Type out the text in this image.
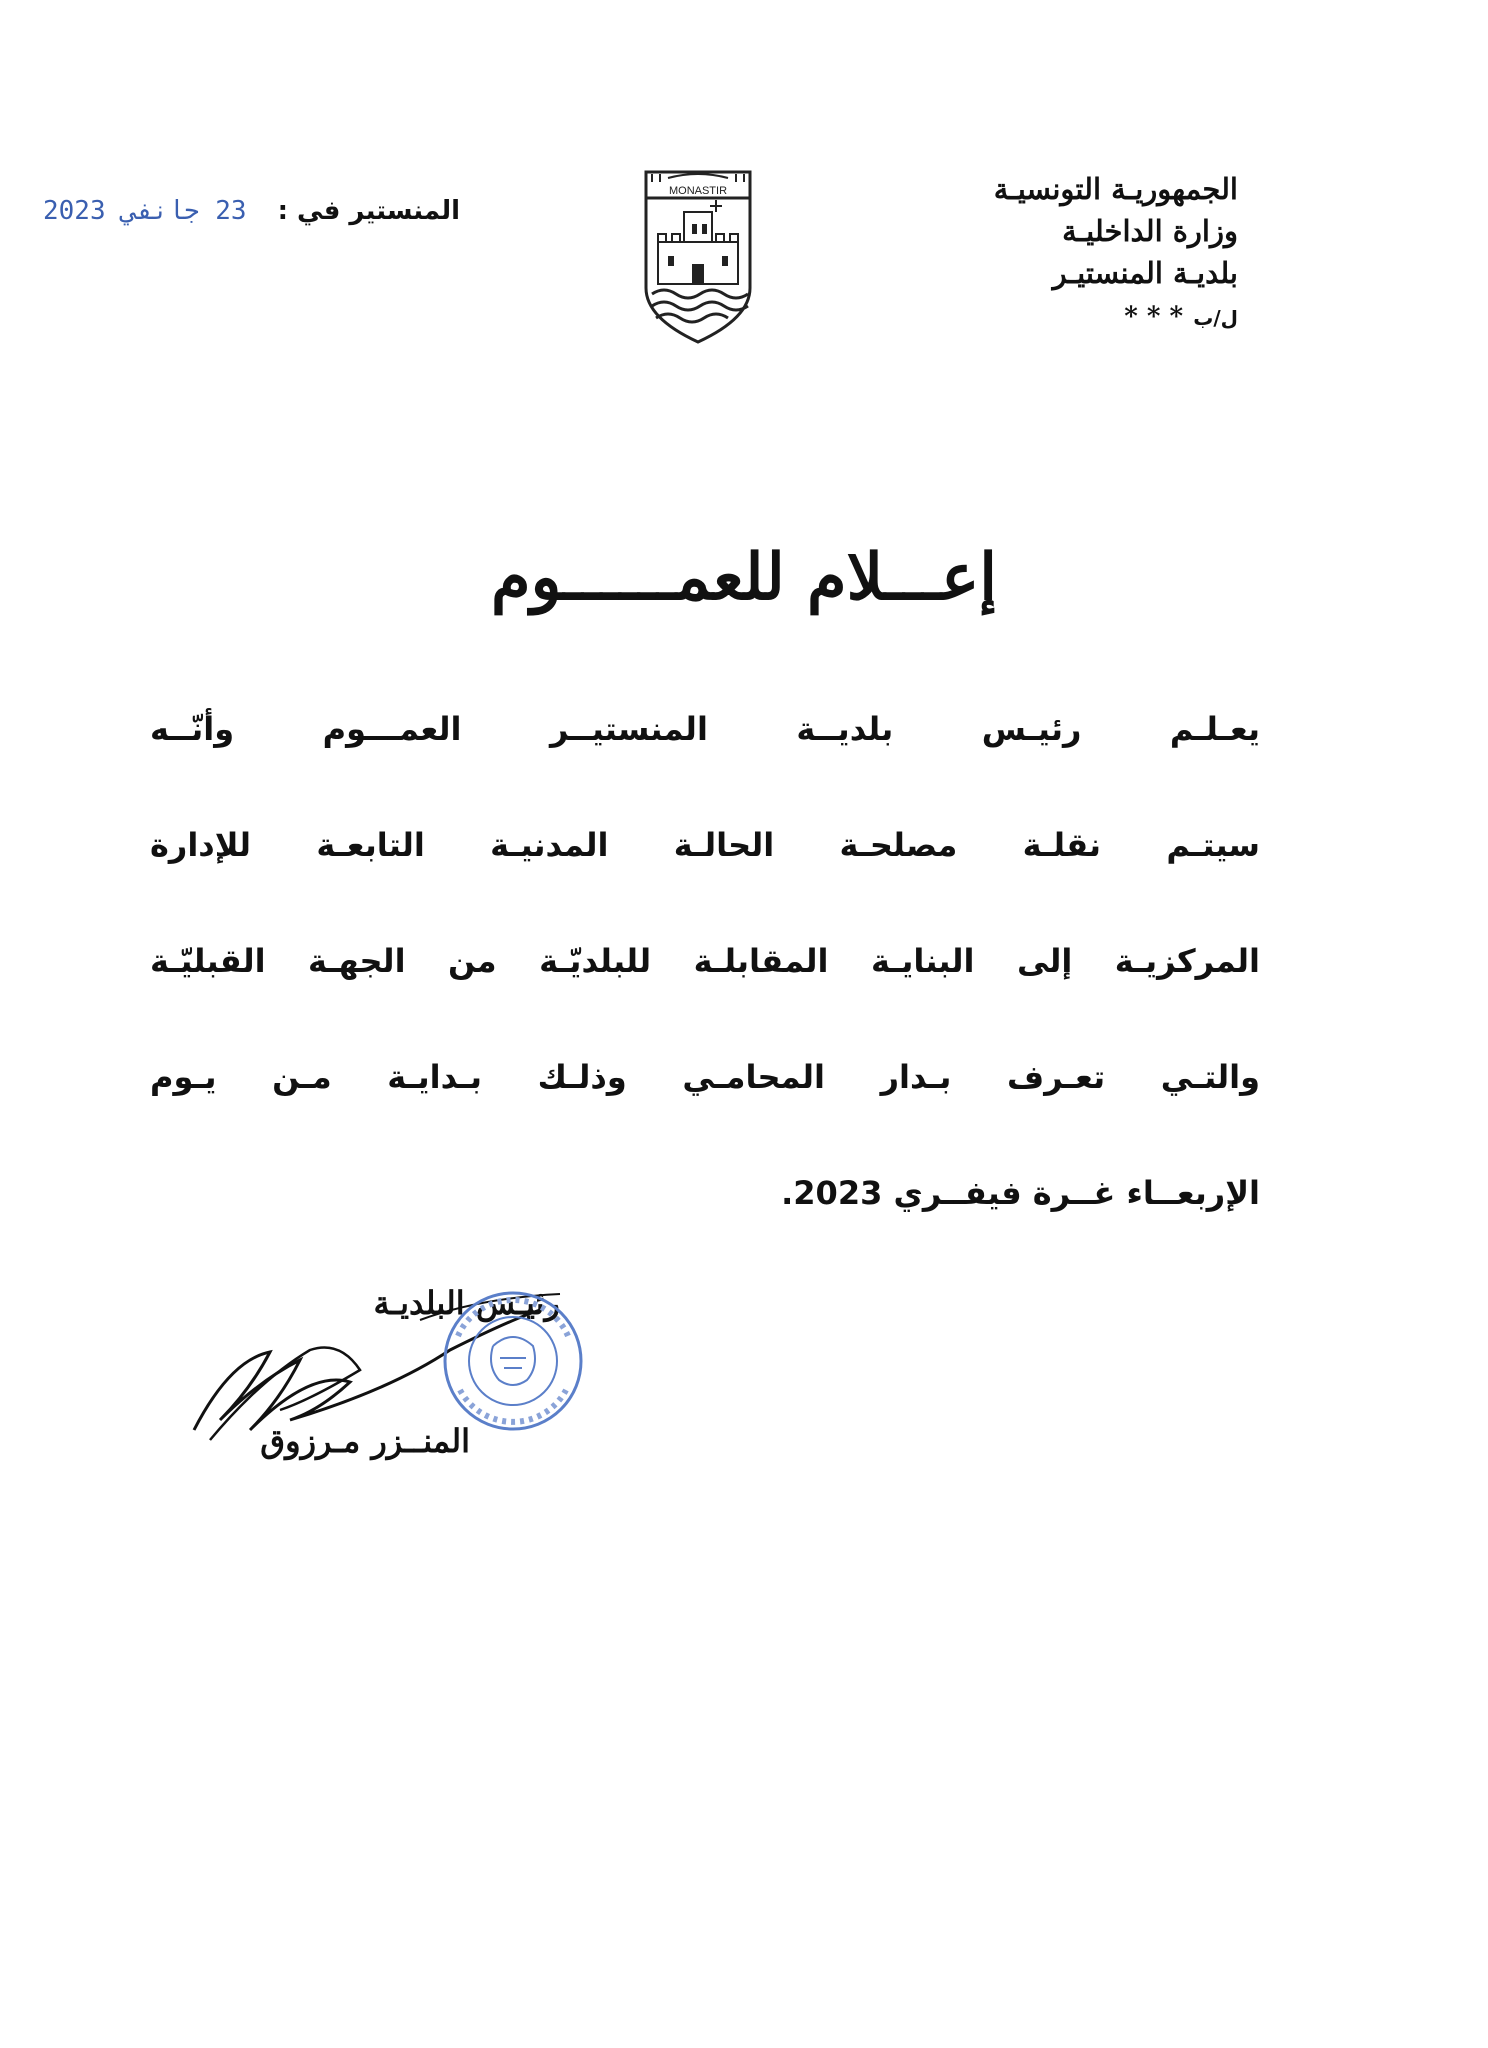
الجمهوريـة التونسيـة
وزارة الداخليـة
بلديـة المنستيـر
ل/ب * * *
MONASTIR
المنستير في : 23 جانفي 2023
إعـــلام للعمــــــوم
يعـلـم رئيـس بلديــة المنستيــر العمـــوم وأنّــه
سيتـم نقلـة مصلحـة الحالـة المدنيـة التابعـة للإدارة
المركزيـة إلى البنايـة المقابلـة للبلديّـة من الجهـة القبليّـة
والتـي تعـرف بـدار المحامـي وذلـك بـدايـة مـن يـوم
الإربعــاء غــرة فيفــري 2023.
رئيـس البلديـة
المنــزر مـرزوق
